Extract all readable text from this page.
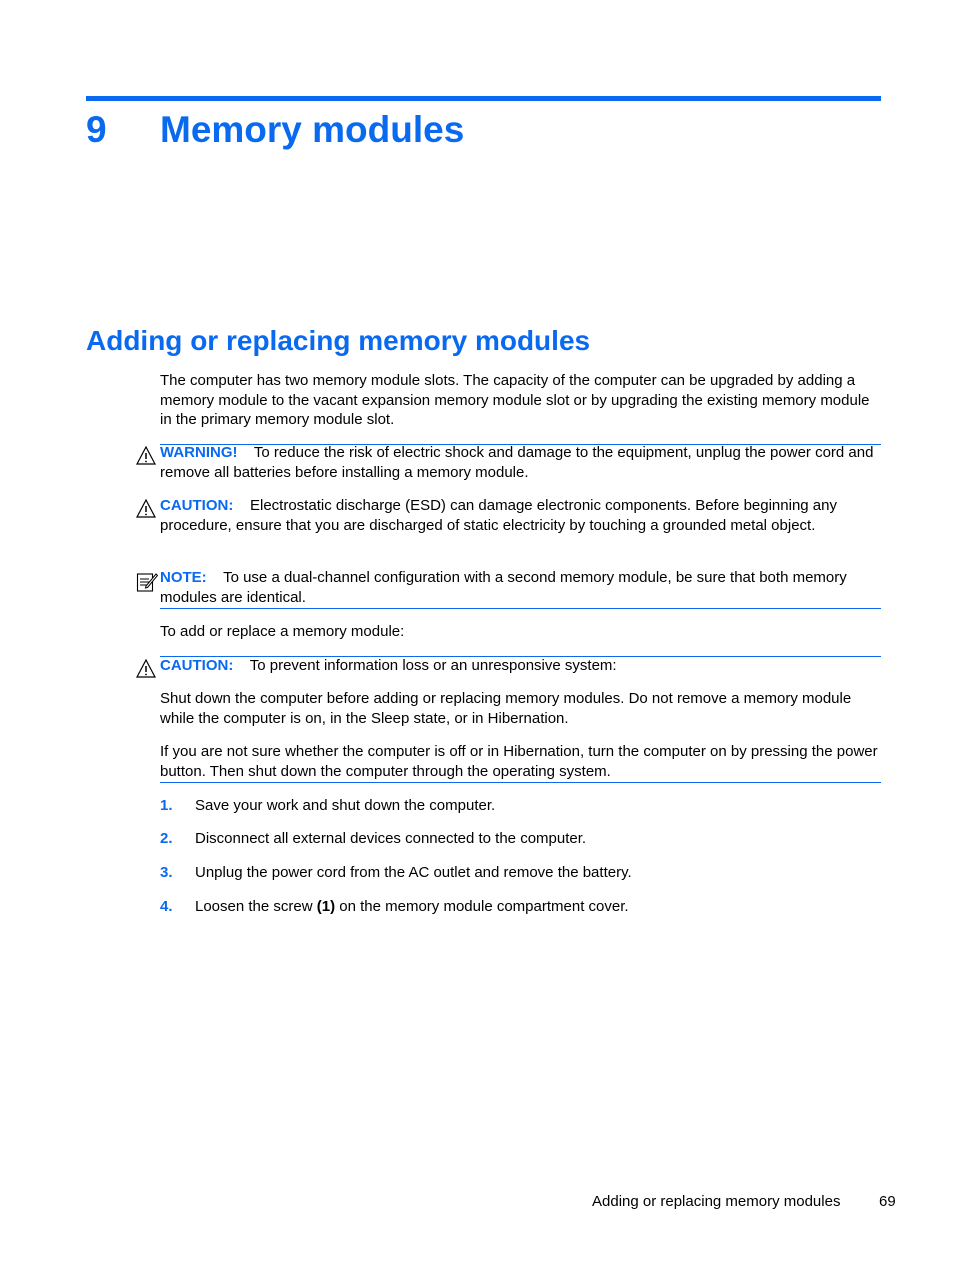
9 Memory modules
Adding or replacing memory modules
The computer has two memory module slots. The capacity of the computer can be upgraded by adding a memory module to the vacant expansion memory module slot or by upgrading the existing memory module in the primary memory module slot.
WARNING! To reduce the risk of electric shock and damage to the equipment, unplug the power cord and remove all batteries before installing a memory module.
CAUTION: Electrostatic discharge (ESD) can damage electronic components. Before beginning any procedure, ensure that you are discharged of static electricity by touching a grounded metal object.
NOTE: To use a dual-channel configuration with a second memory module, be sure that both memory modules are identical.
To add or replace a memory module:
CAUTION: To prevent information loss or an unresponsive system:
Shut down the computer before adding or replacing memory modules. Do not remove a memory module while the computer is on, in the Sleep state, or in Hibernation.
If you are not sure whether the computer is off or in Hibernation, turn the computer on by pressing the power button. Then shut down the computer through the operating system.
1. Save your work and shut down the computer.
2. Disconnect all external devices connected to the computer.
3. Unplug the power cord from the AC outlet and remove the battery.
4. Loosen the screw (1) on the memory module compartment cover.
Adding or replacing memory modules	69
